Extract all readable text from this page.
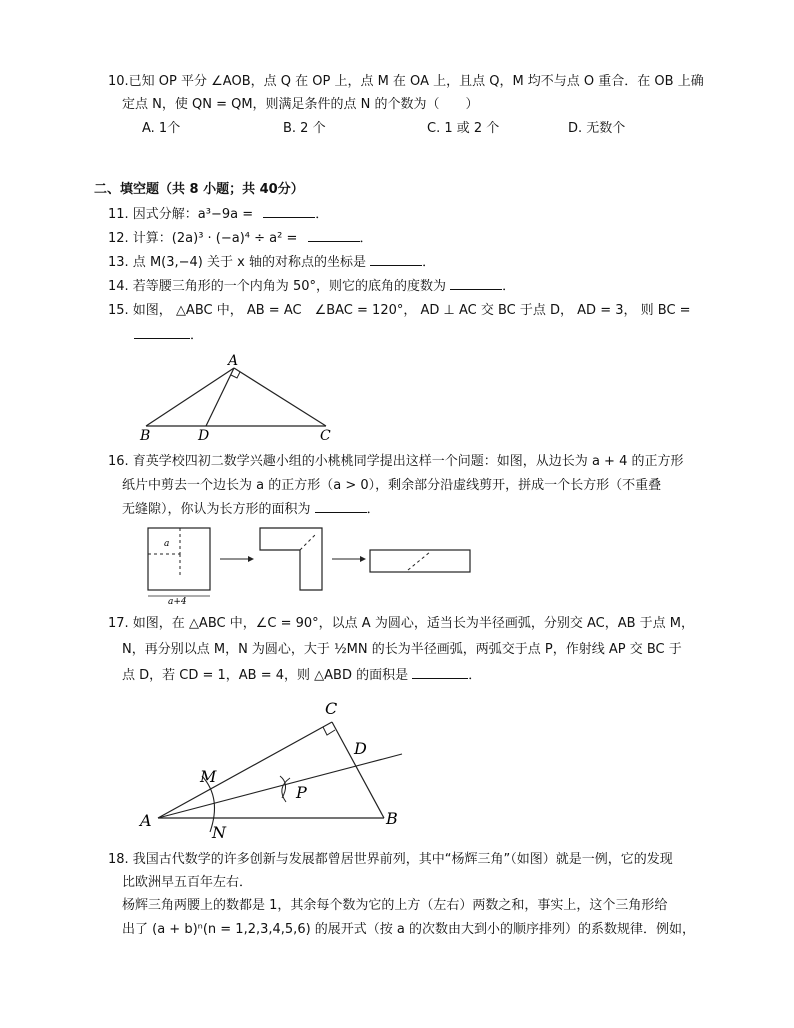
10.已知 OP 平分 ∠AOB，点 Q 在 OP 上，点 M 在 OA 上，且点 Q，M 均不与点 O 重合．在 OB 上确
定点 N，使 QN = QM，则满足条件的点 N 的个数为（　　）
A. 1个	B. 2 个	C. 1 或 2 个	D. 无数个
二、填空题（共 8 小题；共 40分）
11. 因式分解：a³−9a =	．
12. 计算：(2a)³ · (−a)⁴ ÷ a² =	．
13. 点 M(3,−4) 关于 x 轴的对称点的坐标是	．
14. 若等腰三角形的一个内角为 50°，则它的底角的度数为	．
15. 如图， △ABC 中， AB = AC　∠BAC = 120°， AD ⊥ AC 交 BC 于点 D， AD = 3， 则 BC =
．
A
B	D	C
16. 育英学校四初二数学兴趣小组的小桃桃同学提出这样一个问题：如图，从边长为 a + 4 的正方形
纸片中剪去一个边长为 a 的正方形（a > 0），剩余部分沿虚线剪开，拼成一个长方形（不重叠
无缝隙），你认为长方形的面积为	．
a
a+4
17. 如图，在 △ABC 中，∠C = 90°，以点 A 为圆心，适当长为半径画弧，分别交 AC，AB 于点 M，
N，再分别以点 M，N 为圆心，大于 ½MN 的长为半径画弧，两弧交于点 P，作射线 AP 交 BC 于
点 D，若 CD = 1，AB = 4，则 △ABD 的面积是	．
C
D
M
P
A
N
B
18. 我国古代数学的许多创新与发展都曾居世界前列，其中“杨辉三角”（如图）就是一例，它的发现
比欧洲早五百年左右．
杨辉三角两腰上的数都是 1，其余每个数为它的上方（左右）两数之和，事实上，这个三角形给
出了 (a + b)ⁿ(n = 1,2,3,4,5,6) 的展开式（按 a 的次数由大到小的顺序排列）的系数规律．例如，
